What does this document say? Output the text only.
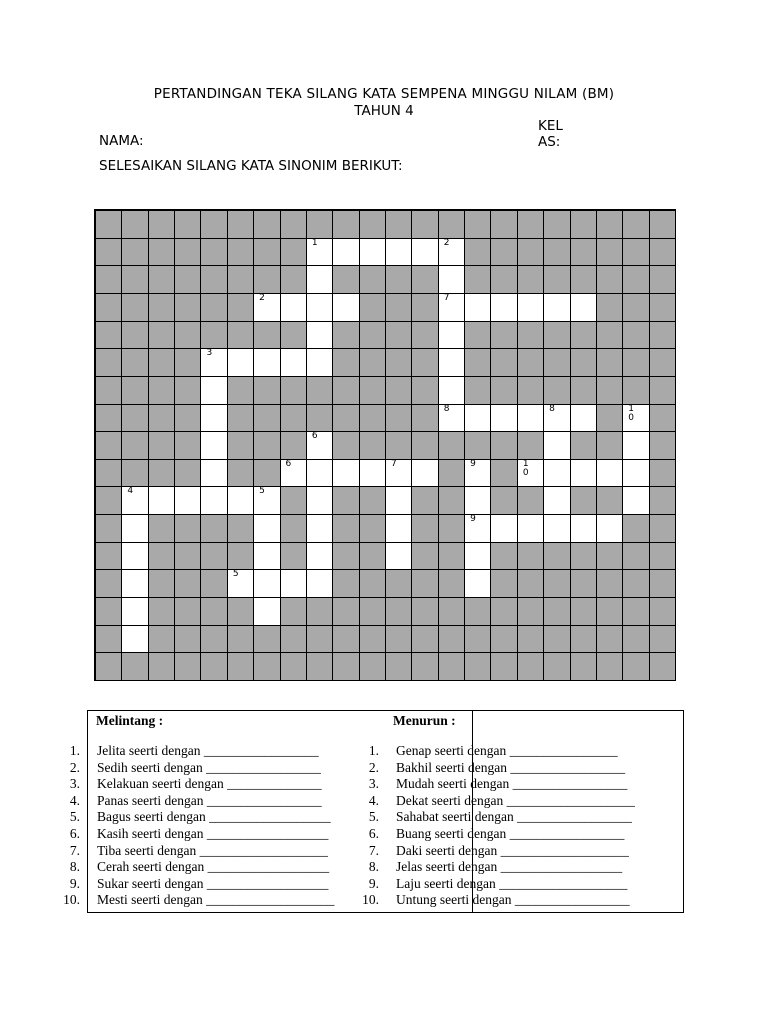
PERTANDINGAN TEKA SILANG KATA SEMPENA MINGGU NILAM (BM)
TAHUN 4
NAMA:
KEL
AS:
SELESAIKAN SILANG KATA SINONIM BERIKUT:
1	2
2	7
3
8	8	10
6
6	7	9	10
4	5
9
5
Melintang :	Menurun :
1. Jelita seerti dengan _________________
2. Sedih seerti dengan _________________
3. Kelakuan seerti dengan ______________
4. Panas seerti dengan _________________
5. Bagus seerti dengan __________________
6. Kasih seerti dengan __________________
7. Tiba seerti dengan ___________________
8. Cerah seerti dengan __________________
9. Sukar seerti dengan __________________
10. Mesti seerti dengan ___________________
1. Genap seerti dengan ________________
2. Bakhil seerti dengan _________________
3. Mudah seerti dengan _________________
4. Dekat seerti dengan ___________________
5. Sahabat seerti dengan _________________
6. Buang seerti dengan _________________
7. Daki seerti dengan ___________________
8. Jelas seerti dengan __________________
9. Laju seerti dengan ___________________
10. Untung seerti dengan _________________
